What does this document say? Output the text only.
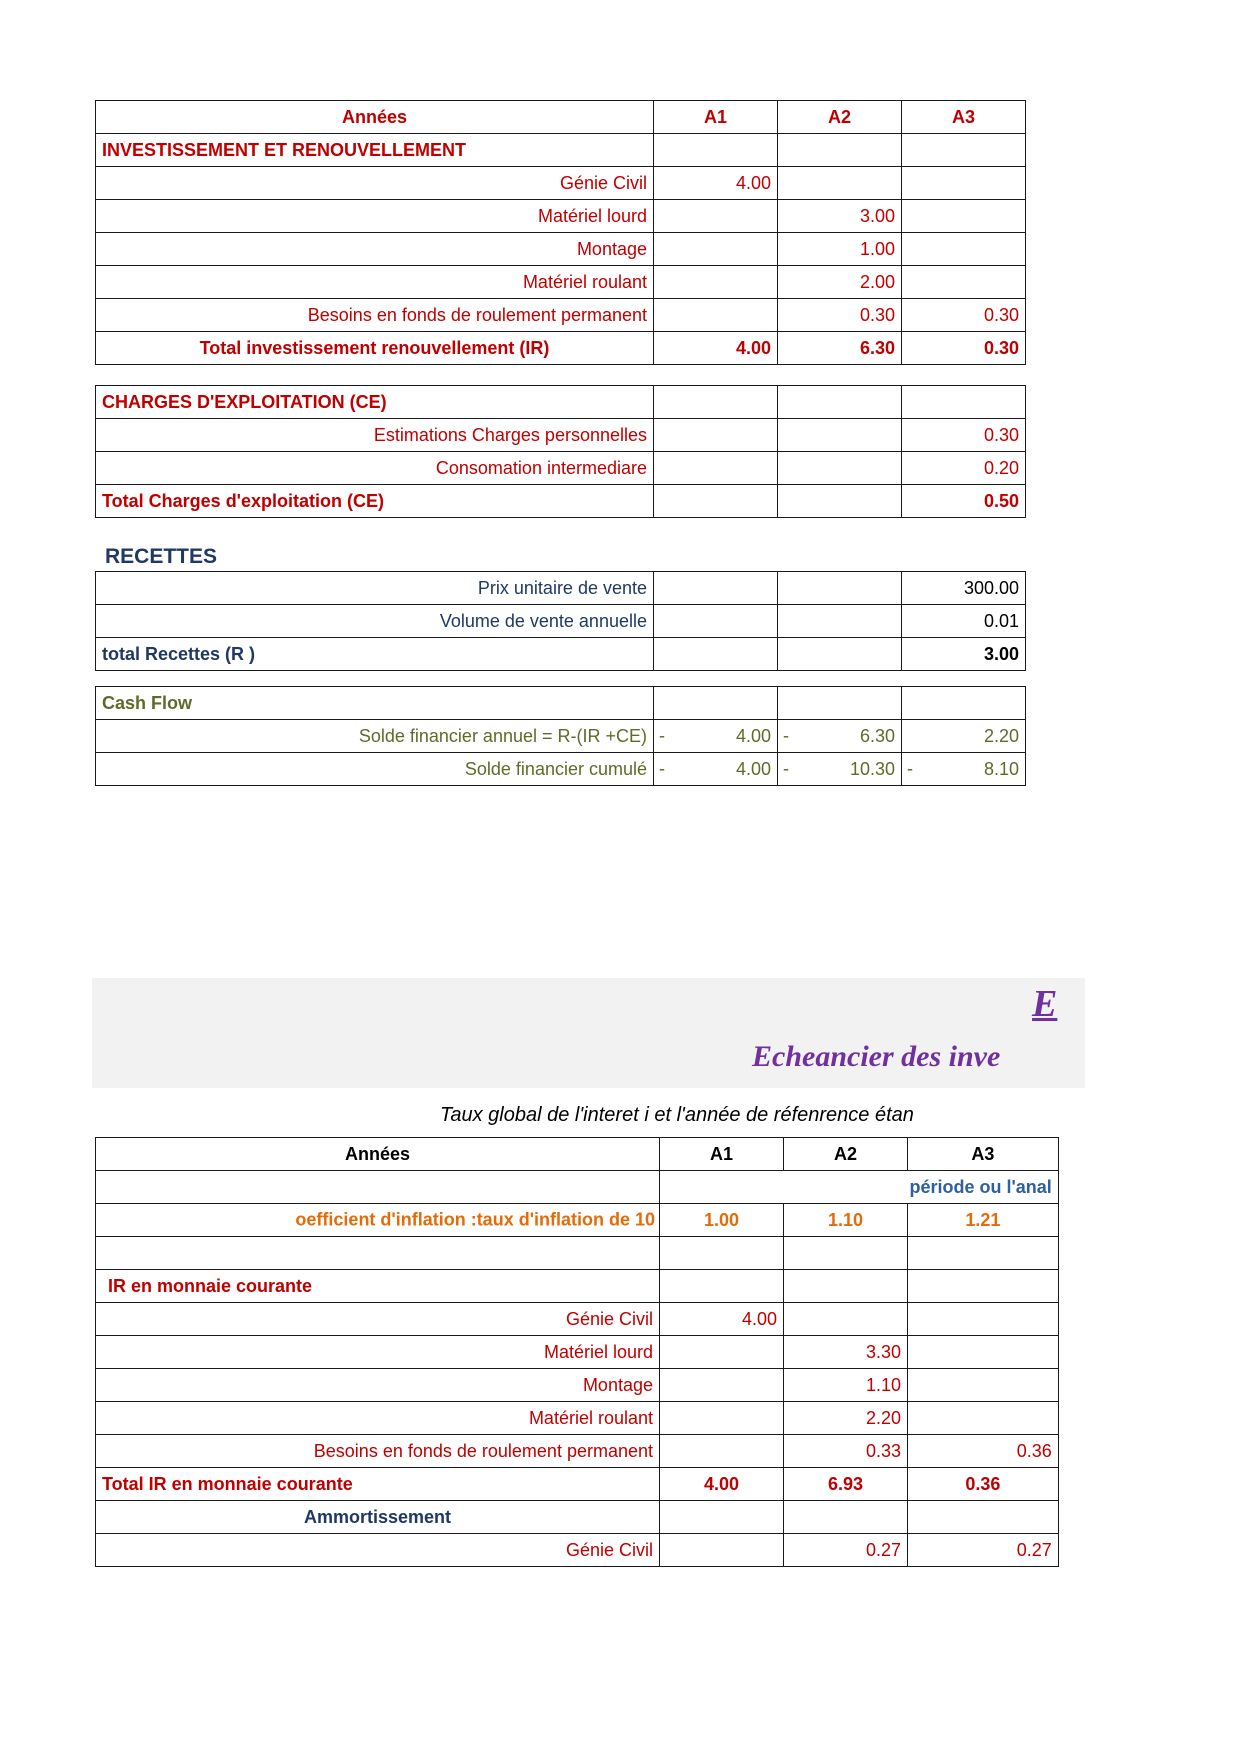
Années	A1	A2	A3
INVESTISSEMENT ET RENOUVELLEMENT			
Génie Civil	4.00		
Matériel lourd		3.00	
Montage		1.00	
Matériel roulant		2.00	
Besoins en fonds de roulement permanent		0.30	0.30
Total investissement renouvellement (IR)	4.00	6.30	0.30
CHARGES D'EXPLOITATION (CE)			
Estimations Charges personnelles			0.30
Consomation intermediare			0.20
Total Charges d'exploitation (CE)			0.50
RECETTES
Prix unitaire de vente			300.00
Volume de vente annuelle			0.01
total Recettes (R )			3.00
Cash Flow			
Solde financier annuel = R-(IR +CE)	- 4.00	- 6.30	2.20

Solde financier cumulé	- 4.00	- 10.30	- 8.10
E
Echeancier des inve
Taux global de l'interet i et l'année de réfenrence étan
Années	A1	A2	A3
			période ou l'anal

oefficient d'inflation :taux d'inflation de 10	1.00	1.10	1.21

IR en monnaie courante			
Génie Civil	4.00		
Matériel lourd		3.30	
Montage		1.10	
Matériel roulant		2.20	
Besoins en fonds de roulement permanent		0.33	0.36
Total IR en monnaie courante	4.00	6.93	0.36
Ammortissement			
Génie Civil		0.27	0.27
